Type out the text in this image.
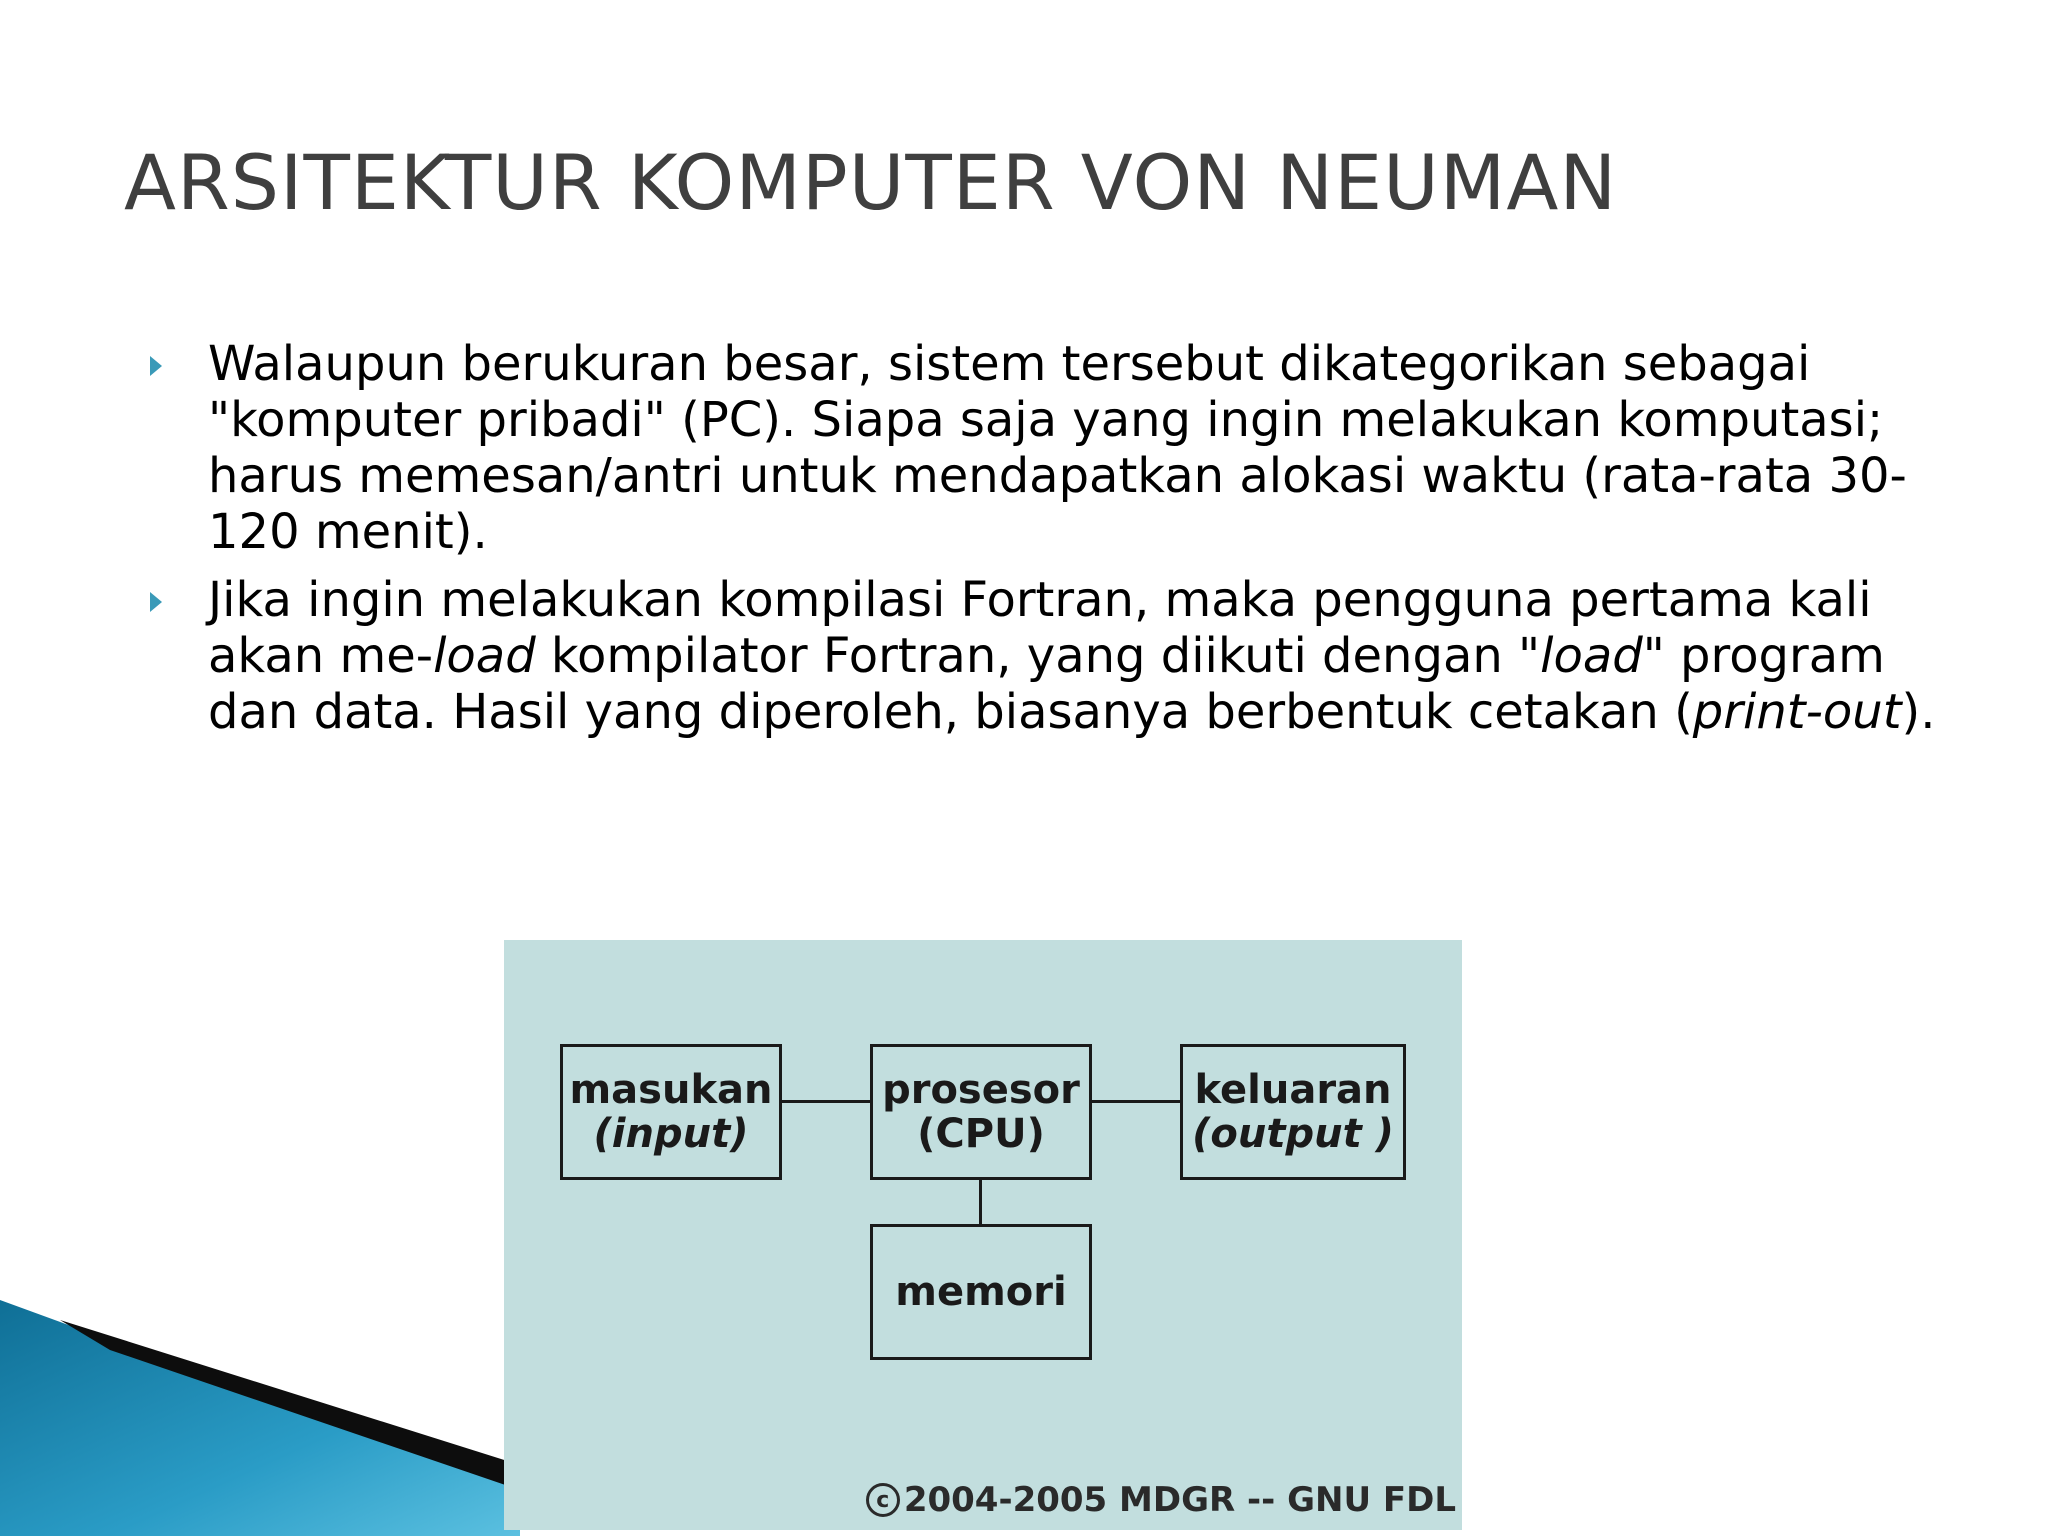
ARSITEKTUR KOMPUTER VON NEUMAN
Walaupun berukuran besar, sistem tersebut dikategorikan sebagai "komputer pribadi" (PC). Siapa saja yang ingin melakukan komputasi; harus memesan/antri untuk mendapatkan alokasi waktu (rata-rata 30-120 menit).
Jika ingin melakukan kompilasi Fortran, maka pengguna pertama kali akan me-load kompilator Fortran, yang diikuti dengan "load" program dan data. Hasil yang diperoleh, biasanya berbentuk cetakan (print-out).
masukan
(input)
prosesor
(CPU)
keluaran
(output )
memori
c 2004-2005 MDGR -- GNU FDL
